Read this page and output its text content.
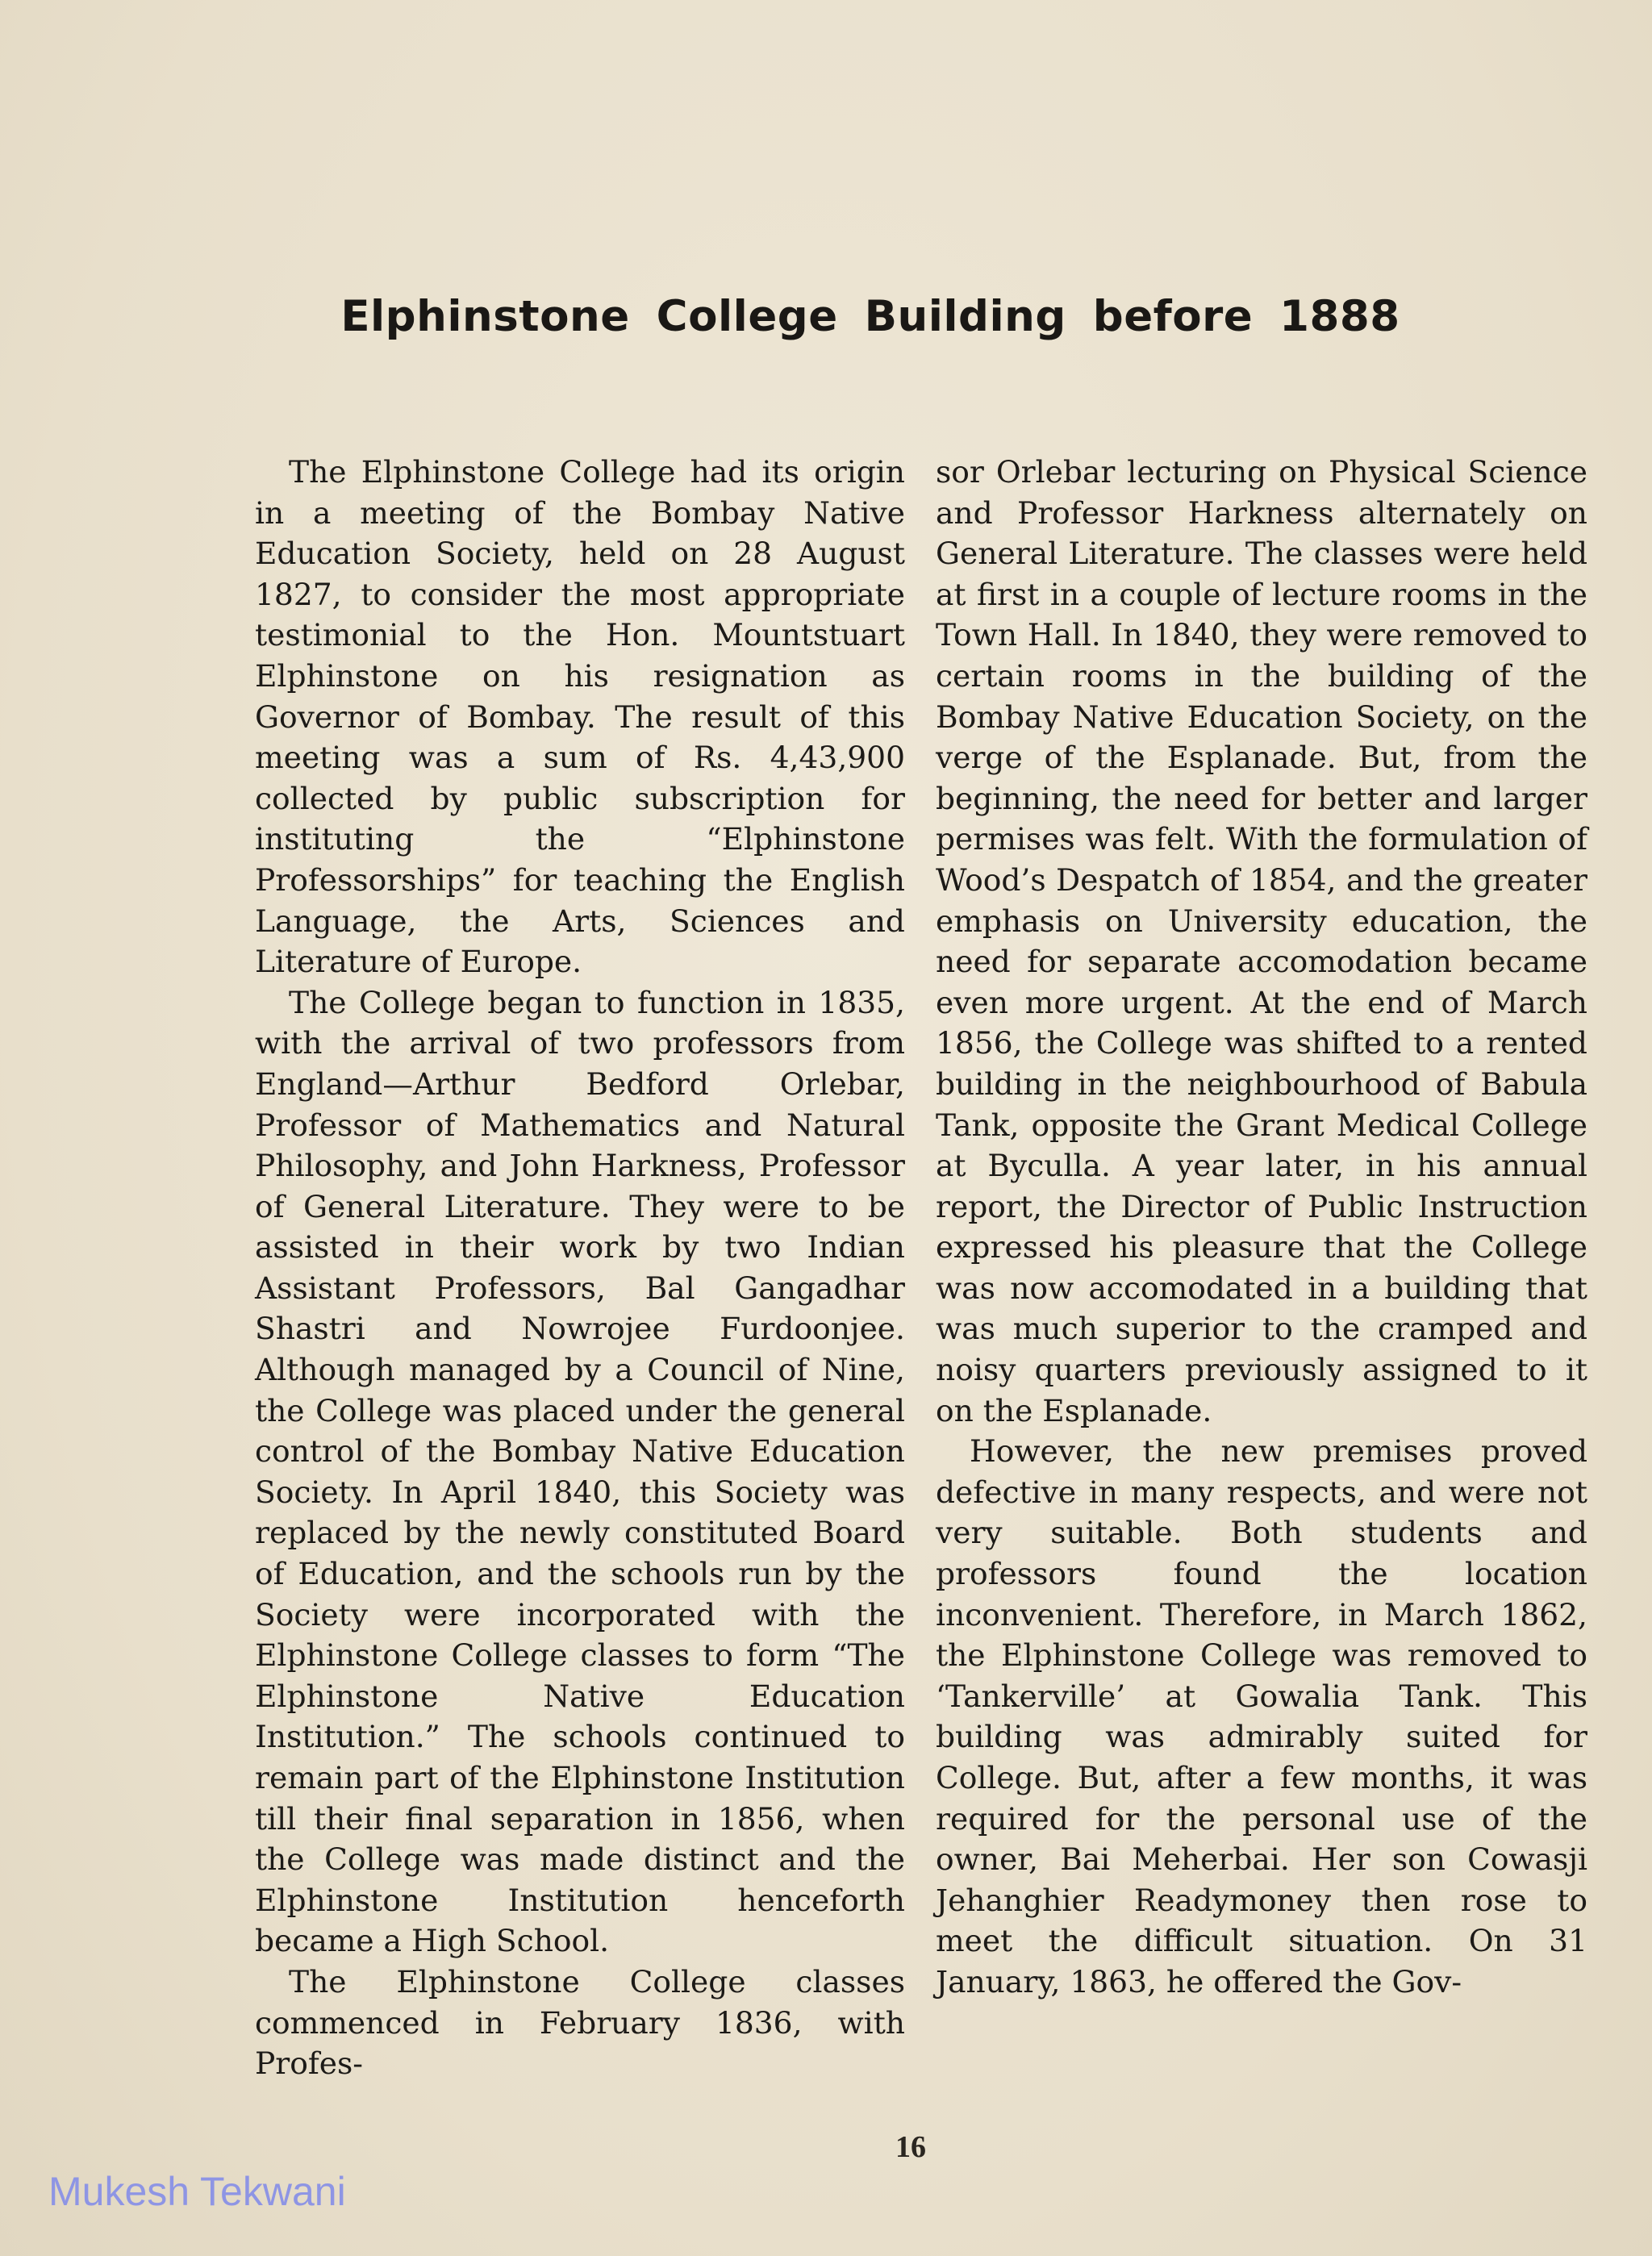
Elphinstone College Building before 1888

The Elphinstone College had its origin in a meeting of the Bombay Native Education Society, held on 28 August 1827, to consider the most appropriate testimonial to the Hon. Mountstuart Elphinstone on his resignation as Governor of Bombay. The result of this meeting was a sum of Rs. 4,43,900 collected by public subscription for instituting the “Elphinstone Professorships” for teaching the English Language, the Arts, Sciences and Literature of Europe.

The College began to function in 1835, with the arrival of two professors from England—Arthur Bedford Orlebar, Professor of Mathematics and Natural Philosophy, and John Harkness, Professor of General Literature. They were to be assisted in their work by two Indian Assistant Professors, Bal Gangadhar Shastri and Nowrojee Furdoonjee. Although managed by a Council of Nine, the College was placed under the general control of the Bombay Native Education Society. In April 1840, this Society was replaced by the newly constituted Board of Education, and the schools run by the Society were incorporated with the Elphinstone College classes to form “The Elphinstone Native Education Institution.” The schools continued to remain part of the Elphinstone Institution till their final separation in 1856, when the College was made distinct and the Elphinstone Institution henceforth became a High School.

The Elphinstone College classes commenced in February 1836, with Profes-

sor Orlebar lecturing on Physical Science and Professor Harkness alternately on General Literature. The classes were held at first in a couple of lecture rooms in the Town Hall. In 1840, they were removed to certain rooms in the building of the Bombay Native Education Society, on the verge of the Esplanade. But, from the beginning, the need for better and larger permises was felt. With the formulation of Wood’s Despatch of 1854, and the greater emphasis on University education, the need for separate accomodation became even more urgent. At the end of March 1856, the College was shifted to a rented building in the neighbourhood of Babula Tank, opposite the Grant Medical College at Byculla. A year later, in his annual report, the Director of Public Instruction expressed his pleasure that the College was now accomodated in a building that was much superior to the cramped and noisy quarters previously assigned to it on the Esplanade.

However, the new premises proved defective in many respects, and were not very suitable. Both students and professors found the location inconvenient. Therefore, in March 1862, the Elphinstone College was removed to ‘Tankerville’ at Gowalia Tank. This building was admirably suited for College. But, after a few months, it was required for the personal use of the owner, Bai Meherbai. Her son Cowasji Jehanghier Readymoney then rose to meet the difficult situation. On 31 January, 1863, he offered the Gov-

16
Mukesh Tekwani
